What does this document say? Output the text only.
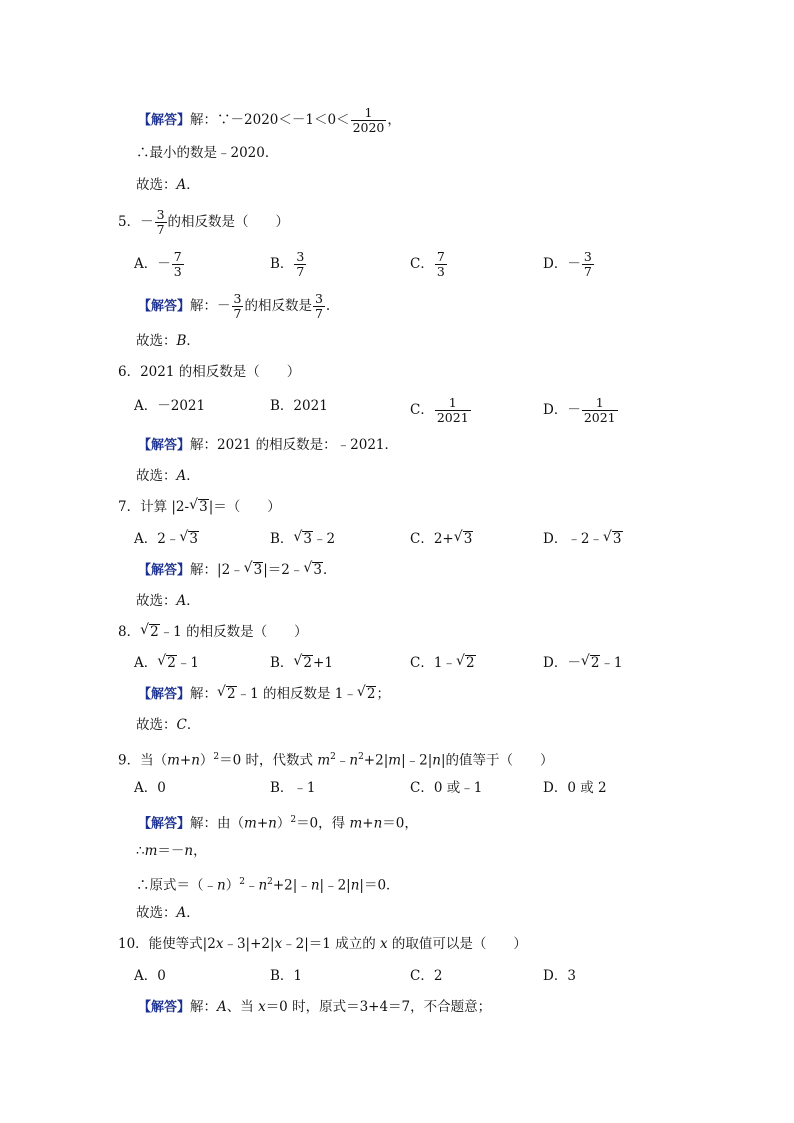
【解答】解：∵－2020＜－1＜0＜ $\frac{1}{2020}$ ，
∴最小的数是﹣2020．
故选：A．
5．－ $\frac{3}{7}$ 的相反数是（　　）
A．－ $\frac{7}{3}$	B． $\frac{3}{7}$	C． $\frac{7}{3}$	D．－ $\frac{3}{7}$
【解答】解：－ $\frac{3}{7}$ 的相反数是 $\frac{3}{7}$ .
故选：B．
6．2021 的相反数是（　　）
A．－2021	B．2021	C． $\frac{1}{2021}$	D．－ $\frac{1}{2021}$
【解答】解：2021 的相反数是：﹣2021．
故选：A．
7．计算 |2- √ 3|＝（　　）
A．2﹣ √ 3	B． √ 3﹣2	C．2+ √ 3	D．﹣2﹣ √ 3
【解答】解：|2﹣ √ 3|＝2﹣ √ 3．
故选：A．
8． √ 2﹣1 的相反数是（　　）
A． √ 2﹣1	B． √ 2+1	C．1﹣ √ 2	D．－ √ 2﹣1
【解答】解： √ 2﹣1 的相反数是 1﹣ √ 2；
故选：C．
9．当$(m+n)^2=0$ 时，代数式 $m^2﹣n^2+2|m|﹣2|n|$的值等于（　　）
A．0	B．﹣1	C．0 或﹣1	D．0 或 2
【解答】解：由$(m+n)^2=0$，得 m+n＝0，
∴m＝－n，
∴原式$=(﹣n)^2﹣n^2+2|﹣n|﹣2|n|=0$．
故选：A．
10．能使等式|2x﹣3|+2|x﹣2|＝1 成立的 x 的取值可以是（　　）
A．0	B．1	C．2	D．3
【解答】解：A、当 x＝0 时，原式＝3+4＝7，不合题意；
